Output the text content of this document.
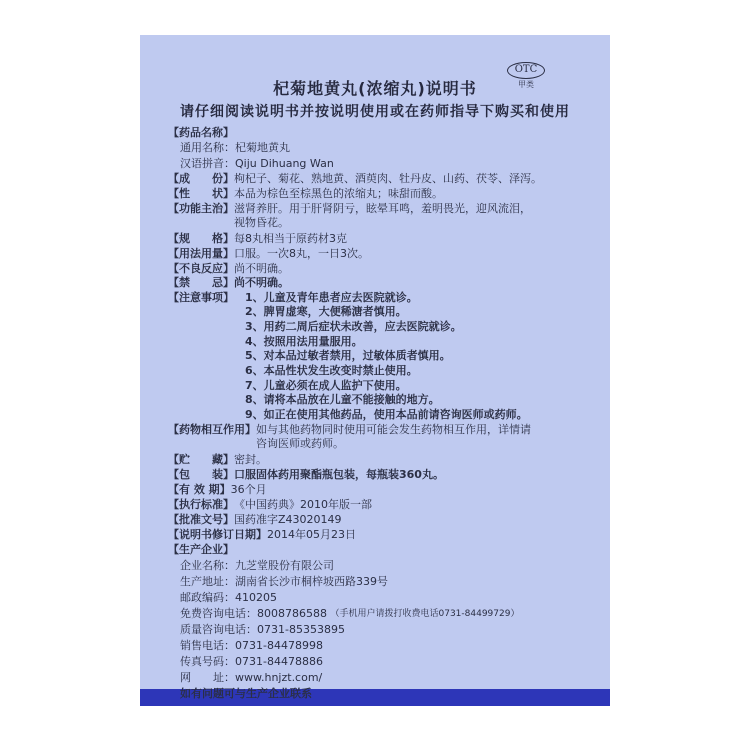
杞菊地黄丸(浓缩丸)说明书
OTC
甲类
请仔细阅读说明书并按说明使用或在药师指导下购买和使用
【药品名称】
通用名称：杞菊地黄丸
汉语拼音：Qiju Dihuang Wan
【成　　份】枸杞子、菊花、熟地黄、酒萸肉、牡丹皮、山药、茯苓、泽泻。
【性　　状】本品为棕色至棕黑色的浓缩丸；味甜而酸。
【功能主治】滋肾养肝。用于肝肾阴亏，眩晕耳鸣，羞明畏光，迎风流泪，
视物昏花。
【规　　格】每8丸相当于原药材3克
【用法用量】口服。一次8丸，一日3次。
【不良反应】尚不明确。
【禁　　忌】尚不明确。
【注意事项】 1、儿童及青年患者应去医院就诊。
2、脾胃虚寒，大便稀溏者慎用。
3、用药二周后症状未改善，应去医院就诊。
4、按照用法用量服用。
5、对本品过敏者禁用，过敏体质者慎用。
6、本品性状发生改变时禁止使用。
7、儿童必须在成人监护下使用。
8、请将本品放在儿童不能接触的地方。
9、如正在使用其他药品，使用本品前请咨询医师或药师。
【药物相互作用】如与其他药物同时使用可能会发生药物相互作用，详情请
咨询医师或药师。
【贮　　藏】密封。
【包　　装】口服固体药用聚酯瓶包装，每瓶装360丸。
【有 效 期】36个月
【执行标准】《中国药典》2010年版一部
【批准文号】国药准字Z43020149
【说明书修订日期】2014年05月23日
【生产企业】
企业名称：九芝堂股份有限公司
生产地址：湖南省长沙市桐梓坡西路339号
邮政编码：410205
免费咨询电话：8008786588 （手机用户请拨打收费电话0731-84499729）
质量咨询电话：0731-85353895
销售电话：0731-84478998
传真号码：0731-84478886
网　　址：www.hnjzt.com/
如有问题可与生产企业联系
